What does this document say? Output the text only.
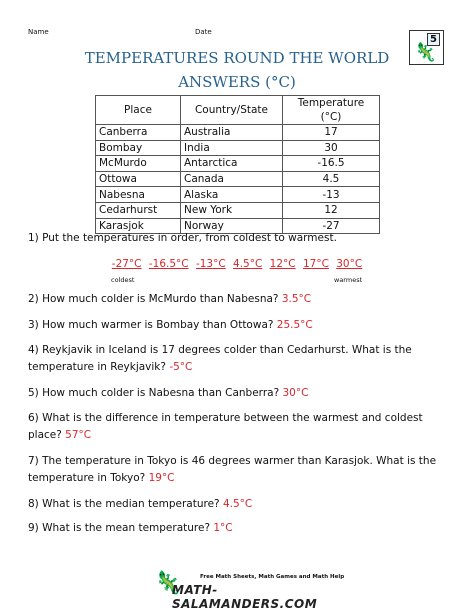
Name	Date
5
🦎
TEMPERATURES ROUND THE WORLD
ANSWERS (°C)
Place	Country/State	Temperature (°C)
Canberra	Australia	17
Bombay	India	30
McMurdo	Antarctica	-16.5
Ottowa	Canada	4.5
Nabesna	Alaska	-13
Cedarhurst	New York	12
Karasjok	Norway	-27
1) Put the temperatures in order, from coldest to warmest.
-27°C -16.5°C -13°C 4.5°C 12°C 17°C 30°C
coldest	warmest
2) How much colder is McMurdo than Nabesna? 3.5°C
3) How much warmer is Bombay than Ottowa? 25.5°C
4) Reykjavik in Iceland is 17 degrees colder than Cedarhurst. What is the temperature in Reykjavik? -5°C
5) How much colder is Nabesna than Canberra? 30°C
6) What is the difference in temperature between the warmest and coldest place? 57°C
7) The temperature in Tokyo is 46 degrees warmer than Karasjok. What is the temperature in Tokyo? 19°C
8) What is the median temperature? 4.5°C
9) What is the mean temperature? 1°C
🦎	Free Math Sheets, Math Games and Math Help
MATH-SALAMANDERS.COM
